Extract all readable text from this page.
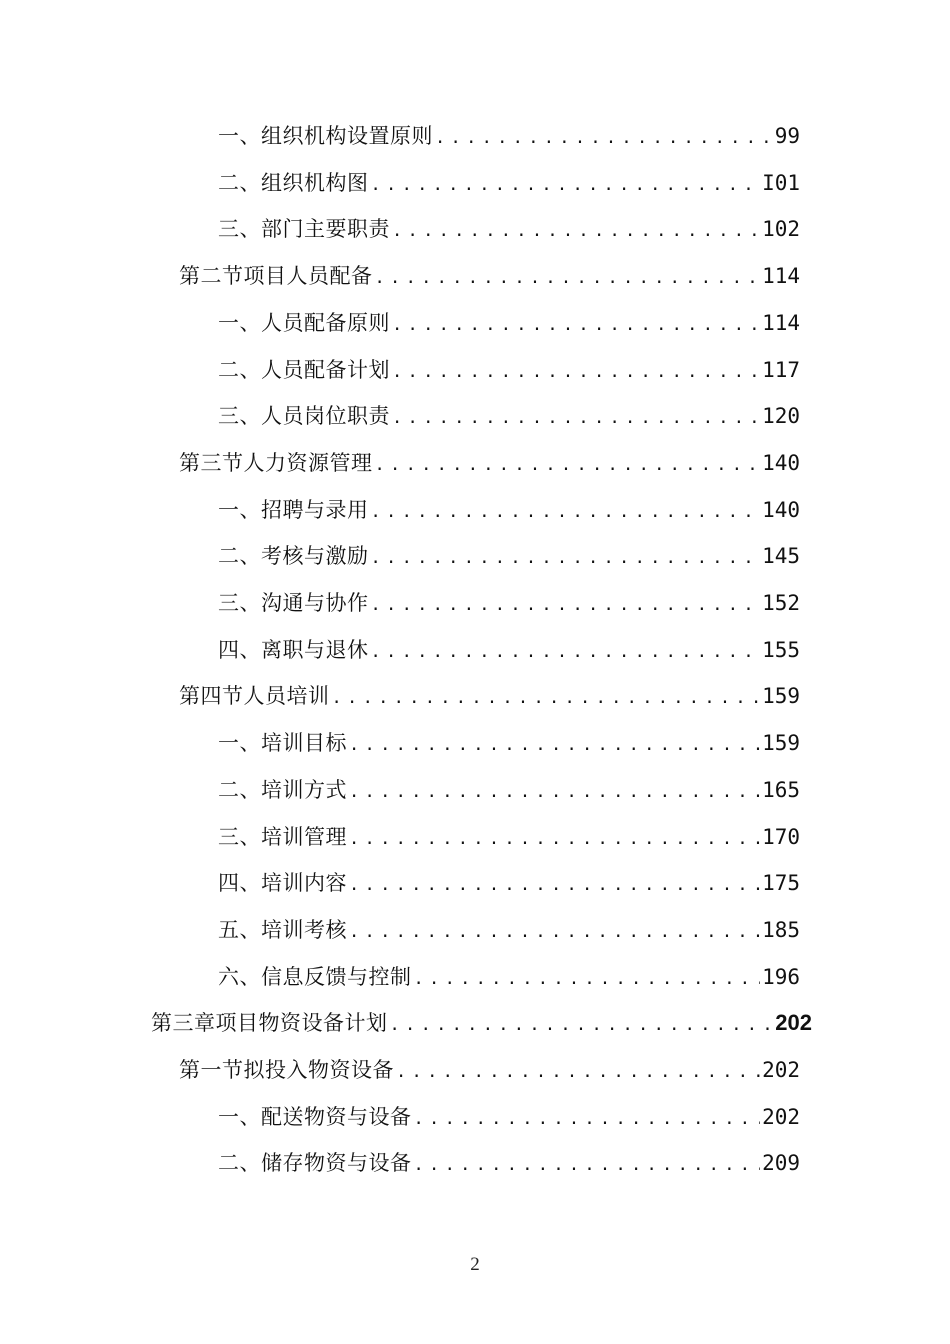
一、组织机构设置原则 .....	99
二、组织机构图 .....	I01
三、部门主要职责 .....	102
第二节项目人员配备 .....	114
一、人员配备原则 .....	114
二、人员配备计划 .....	117
三、人员岗位职责 .....	120
第三节人力资源管理 .....	140
一、招聘与录用 .....	140
二、考核与激励 .....	145
三、沟通与协作 .....	152
四、离职与退休 .....	155
第四节人员培训 .....	159
一、培训目标 .....	159
二、培训方式 .....	165
三、培训管理 .....	170
四、培训内容 .....	175
五、培训考核 .....	185
六、信息反馈与控制 .....	196
第三章项目物资设备计划 .....	202
第一节拟投入物资设备 .....	202
一、配送物资与设备 .....	202
二、储存物资与设备 .....	209
2
